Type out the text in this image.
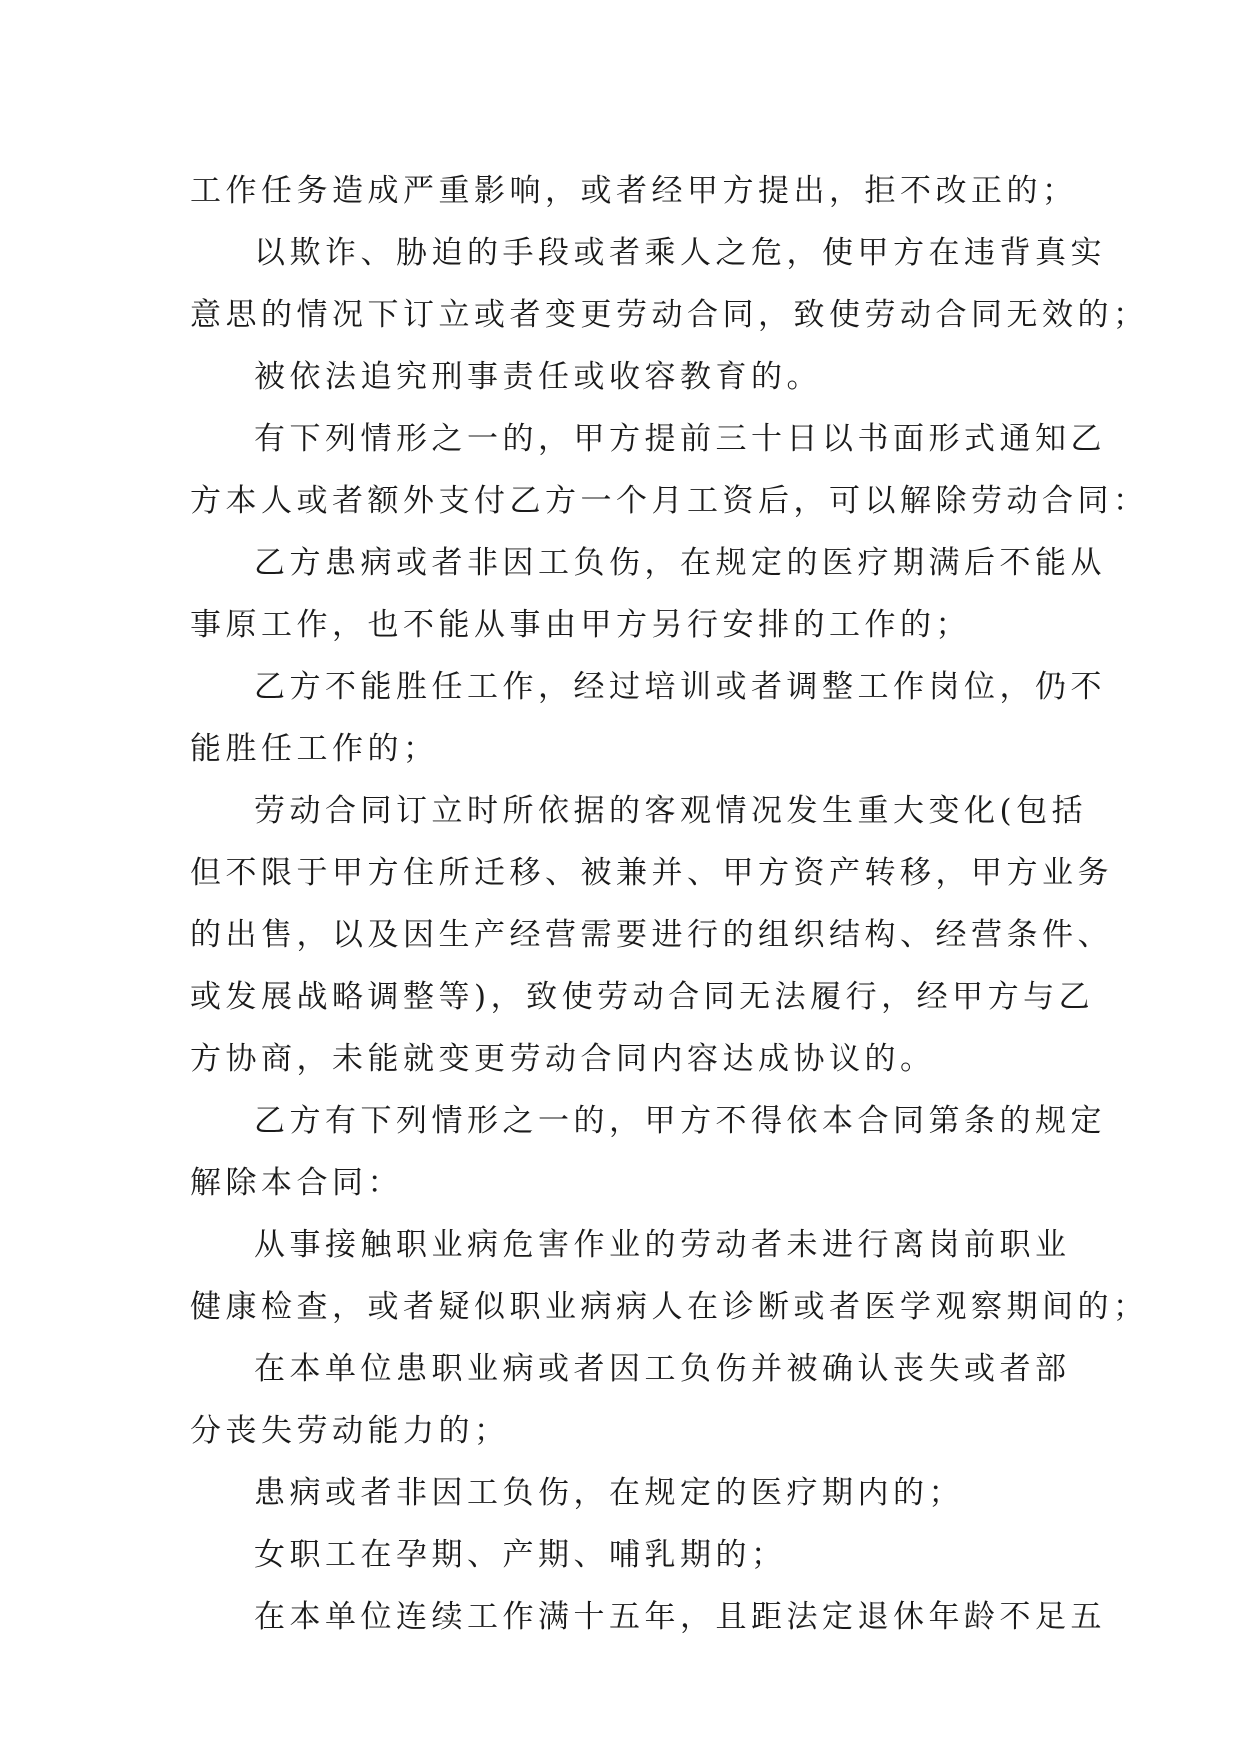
工作任务造成严重影响，或者经甲方提出，拒不改正的；
以欺诈、胁迫的手段或者乘人之危，使甲方在违背真实
意思的情况下订立或者变更劳动合同，致使劳动合同无效的；
被依法追究刑事责任或收容教育的。
有下列情形之一的，甲方提前三十日以书面形式通知乙
方本人或者额外支付乙方一个月工资后，可以解除劳动合同：
乙方患病或者非因工负伤，在规定的医疗期满后不能从
事原工作，也不能从事由甲方另行安排的工作的；
乙方不能胜任工作，经过培训或者调整工作岗位，仍不
能胜任工作的；
劳动合同订立时所依据的客观情况发生重大变化(包括
但不限于甲方住所迁移、被兼并、甲方资产转移，甲方业务
的出售，以及因生产经营需要进行的组织结构、经营条件、
或发展战略调整等)，致使劳动合同无法履行，经甲方与乙
方协商，未能就变更劳动合同内容达成协议的。
乙方有下列情形之一的，甲方不得依本合同第条的规定
解除本合同：
从事接触职业病危害作业的劳动者未进行离岗前职业
健康检查，或者疑似职业病病人在诊断或者医学观察期间的；
在本单位患职业病或者因工负伤并被确认丧失或者部
分丧失劳动能力的；
患病或者非因工负伤，在规定的医疗期内的；
女职工在孕期、产期、哺乳期的；
在本单位连续工作满十五年，且距法定退休年龄不足五
